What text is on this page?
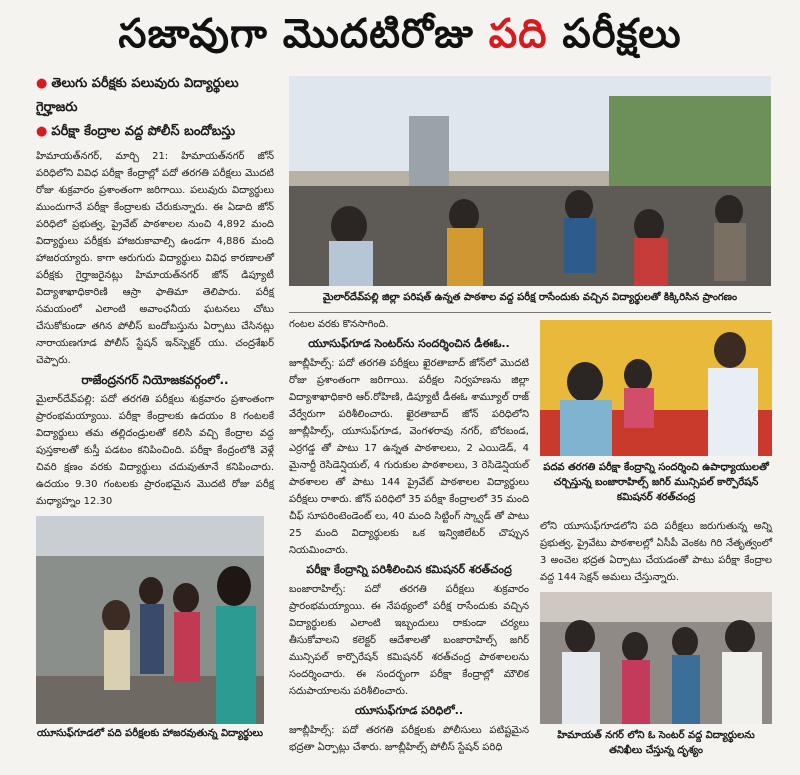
సజావుగా మొదటిరోజు పది పరీక్షలు
● తెలుగు పరీక్షకు పలువురు విద్యార్థులు గైర్హాజరు
● పరీక్షా కేంద్రాల వద్ద పోలీస్ బందోబస్తు

హిమాయత్‌నగర్, మార్చి 21: హిమాయత్‌నగర్ జోన్ పరిధిలోని వివిధ పరీక్షా కేంద్రాల్లో పదో తరగతి పరీక్షలు మొదటి రోజు శుక్రవారం ప్రశాంతంగా జరిగాయి. పలువురు విద్యార్థులు ముందుగానే పరీక్షా కేంద్రాలకు చేరుకున్నారు. ఈ ఏడాది జోన్ పరిధిలో ప్రభుత్వ, ప్రైవేట్ పాఠశాలల నుంచి 4,892 మంది విద్యార్థులు పరీక్షకు హాజరుకావాల్సి ఉండగా 4,886 మంది హాజరయ్యారు. కాగా ఆరుగురు విద్యార్థులు వివిధ కారణాలతో పరీక్షకు గైర్హాజరైనట్లు హిమాయత్‌నగర్ జోన్ డిప్యూటీ విద్యాశాఖాధికారిణి ఆస్రా ఫాతిమా తెలిపారు. పరీక్ష సమయంలో ఎలాంటి అవాంఛనీయ ఘటనలు చోటు చేసుకోకుండా తగిన పోలీస్ బందోబస్తును ఏర్పాటు చేసినట్లు నారాయణగూడ పోలీస్ స్టేషన్ ఇన్‌స్పెక్టర్ యు. చంద్రశేఖర్ చెప్పారు.

రాజేంద్రనగర్ నియోజకవర్గంలో..

మైలార్‌దేవ్‌పల్లి: పదో తరగతి పరీక్షలు శుక్రవారం ప్రశాంతంగా ప్రారంభమయ్యాయి. పరీక్షా కేంద్రాలకు ఉదయం 8 గంటలకే విద్యార్థులు తమ తల్లిదండ్రులతో కలిసి వచ్చి కేంద్రాల వద్ద పుస్తకాలతో కుస్తీ పడటం కనిపించింది. పరీక్షా కేంద్రంలోకి వెళ్లే చివరి క్షణం వరకు విద్యార్థులు చదువుతూనే కనిపించారు. ఉదయం 9.30 గంటలకు ప్రారంభమైన మొదటి రోజు పరీక్ష మధ్యాహ్నం 12.30

యూసుఫ్‌గూడలో పది పరీక్షలకు హాజరవుతున్న విద్యార్థులు
మైలార్‌దేవ్‌పల్లి జిల్లా పరిషత్ ఉన్నత పాఠశాల వద్ద పరీక్ష రాసేందుకు వచ్చిన విద్యార్థులతో కిక్కిరిసిన ప్రాంగణం

గంటల వరకు కొనసాగింది.

యూసుఫ్‌గూడ సెంటర్‌ను సందర్శించిన డీఈఓ..

జూబ్లీహిల్స్: పదో తరగతి పరీక్షలు ఖైరతాబాద్ జోన్‌లో మొదటి రోజు ప్రశాంతంగా జరిగాయి. పరీక్షల నిర్వహణను జిల్లా విద్యాశాఖాధికారి ఆర్.రోహిణి, డిప్యూటీ డీఈఓ శామ్యూల్ రాజ్ వేర్వేరుగా పరిశీలించారు. ఖైరతాబాద్ జోన్ పరిధిలోని జూబ్లీహిల్స్, యూసుఫ్‌గూడ, వెంగళరావు నగర్, బోరబండ, ఎర్రగడ్డ తో పాటు 17 ఉన్నత పాఠశాలలు, 2 ఎయిడెడ్, 4 మైనార్టీ రెసిడెన్షియల్, 4 గురుకుల పాఠశాలలు, 3 రెసిడెన్షియల్ పాఠశాలల తో పాటు 144 ప్రైవేట్ పాఠశాలల విద్యార్థులు పరీక్షలు రాశారు. జోన్ పరిధిలో 35 పరీక్షా కేంద్రాలలో 35 మంది చీఫ్ సూపరింటెండెంట్ లు, 40 మంది సిట్టింగ్ స్క్వాడ్ తో పాటు 25 మంది విద్యార్థులకు ఒక ఇన్విజిలేటర్ చొప్పున నియమించారు.

పరీక్షా కేంద్రాన్ని పరిశీలించిన కమిషనర్ శరత్‌చంద్ర

బంజారాహిల్స్: పదో తరగతి పరీక్షలు శుక్రవారం ప్రారంభమయ్యాయి. ఈ నేపథ్యంలో పరీక్ష రాసేందుకు వచ్చిన విద్యార్థులకు ఎలాంటి ఇబ్బందులు రాకుండా చర్యలు తీసుకోవాలని కలెక్టర్ ఆదేశాలతో బంజారాహిల్స్ జగిర్ మున్సిపల్ కార్పొరేషన్ కమిషనర్ శరత్‌చంద్ర పాఠశాలలను సందర్శించారు. ఈ సందర్భంగా పరీక్షా కేంద్రాల్లో మౌలిక సదుపాయాలను పరిశీలించారు.

యూసుఫ్‌గూడ పరిధిలో..

జూబ్లీహిల్స్: పదో తరగతి పరీక్షలకు పోలీసులు పటిష్టమైన భద్రతా ఏర్పాట్లు చేశారు. జూబ్లీహిల్స్ పోలీస్ స్టేషన్ పరిధి

పదవ తరగతి పరీక్షా కేంద్రాన్ని సందర్శించి ఉపాధ్యాయులతో చర్చిస్తున్న బంజారాహిల్స్ జగిర్ మున్సిపల్ కార్పొరేషన్ కమిషనర్ శరత్‌చంద్ర

లోని యూసుఫ్‌గూడలోని పది పరీక్షలు జరుగుతున్న అన్ని ప్రభుత్వ, ప్రైవేటు పాఠశాలల్లో ఏసీపీ వెంకట గిరి నేతృత్వంలో 3 అంచెల భద్రత ఏర్పాటు చేయడంతో పాటు పరీక్షా కేంద్రాల వద్ద 144 సెక్షన్ అమలు చేస్తున్నారు.

హిమాయత్ నగర్ లోని ఓ సెంటర్ వద్ద విద్యార్థులను తనిఖీలు చేస్తున్న దృశ్యం
